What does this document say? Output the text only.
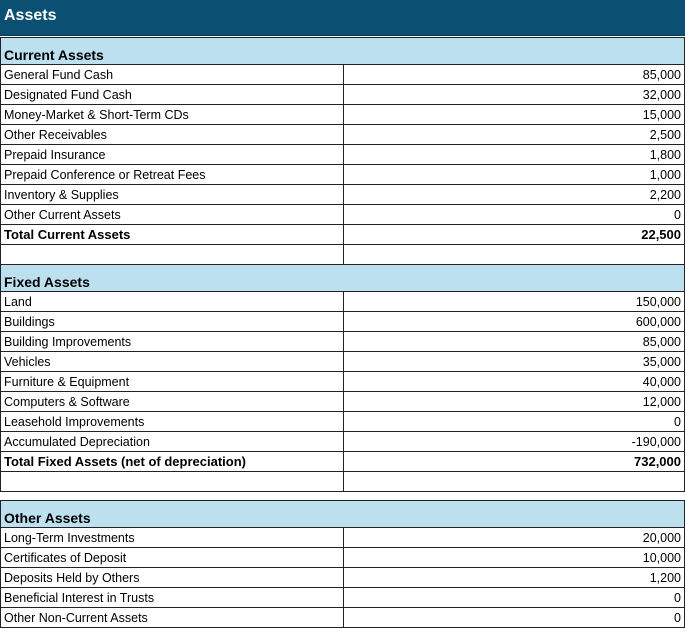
Assets
Current Assets	
General Fund Cash	85,000
Designated Fund Cash	32,000
Money-Market & Short-Term CDs	15,000
Other Receivables	2,500
Prepaid Insurance	1,800
Prepaid Conference or Retreat Fees	1,000
Inventory & Supplies	2,200
Other Current Assets	0
Total Current Assets	22,500

Fixed Assets	
Land	150,000
Buildings	600,000
Building Improvements	85,000
Vehicles	35,000
Furniture & Equipment	40,000
Computers & Software	12,000
Leasehold Improvements	0
Accumulated Depreciation	-190,000
Total Fixed Assets (net of depreciation)	732,000

Other Assets	
Long-Term Investments	20,000
Certificates of Deposit	10,000
Deposits Held by Others	1,200
Beneficial Interest in Trusts	0
Other Non-Current Assets	0
